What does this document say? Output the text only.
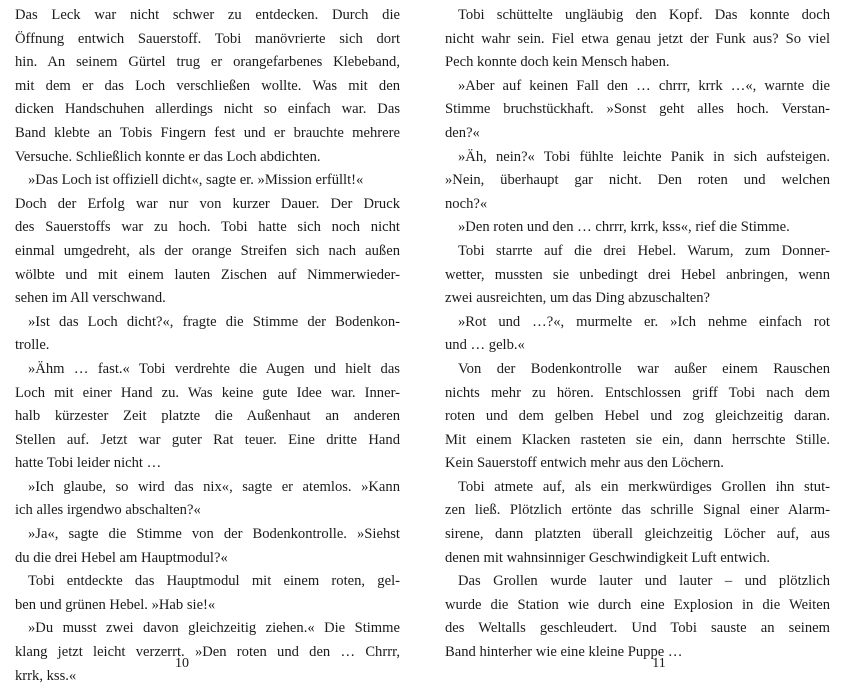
Das Leck war nicht schwer zu entdecken. Durch die
Öffnung entwich Sauerstoff. Tobi manövrierte sich dort
hin. An seinem Gürtel trug er orangefarbenes Klebeband,
mit dem er das Loch verschließen wollte. Was mit den
dicken Handschuhen allerdings nicht so einfach war. Das
Band klebte an Tobis Fingern fest und er brauchte mehrere
Versuche. Schließlich konnte er das Loch abdichten.
»Das Loch ist offiziell dicht«, sagte er. »Mission erfüllt!«
Doch der Erfolg war nur von kurzer Dauer. Der Druck
des Sauerstoffs war zu hoch. Tobi hatte sich noch nicht
einmal umgedreht, als der orange Streifen sich nach außen
wölbte und mit einem lauten Zischen auf Nimmerwieder-
sehen im All verschwand.
»Ist das Loch dicht?«, fragte die Stimme der Bodenkon-
trolle.
»Ähm … fast.« Tobi verdrehte die Augen und hielt das
Loch mit einer Hand zu. Was keine gute Idee war. Inner-
halb kürzester Zeit platzte die Außenhaut an anderen
Stellen auf. Jetzt war guter Rat teuer. Eine dritte Hand
hatte Tobi leider nicht …
»Ich glaube, so wird das nix«, sagte er atemlos. »Kann
ich alles irgendwo abschalten?«
»Ja«, sagte die Stimme von der Bodenkontrolle. »Siehst
du die drei Hebel am Hauptmodul?«
Tobi entdeckte das Hauptmodul mit einem roten, gel-
ben und grünen Hebel. »Hab sie!«
»Du musst zwei davon gleichzeitig ziehen.« Die Stimme
klang jetzt leicht verzerrt. »Den roten und den … Chrrr,
krrk, kss.«
10
Tobi schüttelte ungläubig den Kopf. Das konnte doch
nicht wahr sein. Fiel etwa genau jetzt der Funk aus? So viel
Pech konnte doch kein Mensch haben.
»Aber auf keinen Fall den … chrrr, krrk …«, warnte die
Stimme bruchstückhaft. »Sonst geht alles hoch. Verstan-
den?«
»Äh, nein?« Tobi fühlte leichte Panik in sich aufsteigen.
»Nein, überhaupt gar nicht. Den roten und welchen
noch?«
»Den roten und den … chrrr, krrk, kss«, rief die Stimme.
Tobi starrte auf die drei Hebel. Warum, zum Donner-
wetter, mussten sie unbedingt drei Hebel anbringen, wenn
zwei ausreichten, um das Ding abzuschalten?
»Rot und …?«, murmelte er. »Ich nehme einfach rot
und … gelb.«
Von der Bodenkontrolle war außer einem Rauschen
nichts mehr zu hören. Entschlossen griff Tobi nach dem
roten und dem gelben Hebel und zog gleichzeitig daran.
Mit einem Klacken rasteten sie ein, dann herrschte Stille.
Kein Sauerstoff entwich mehr aus den Löchern.
Tobi atmete auf, als ein merkwürdiges Grollen ihn stut-
zen ließ. Plötzlich ertönte das schrille Signal einer Alarm-
sirene, dann platzten überall gleichzeitig Löcher auf, aus
denen mit wahnsinniger Geschwindigkeit Luft entwich.
Das Grollen wurde lauter und lauter – und plötzlich
wurde die Station wie durch eine Explosion in die Weiten
des Weltalls geschleudert. Und Tobi sauste an seinem
Band hinterher wie eine kleine Puppe …
11
